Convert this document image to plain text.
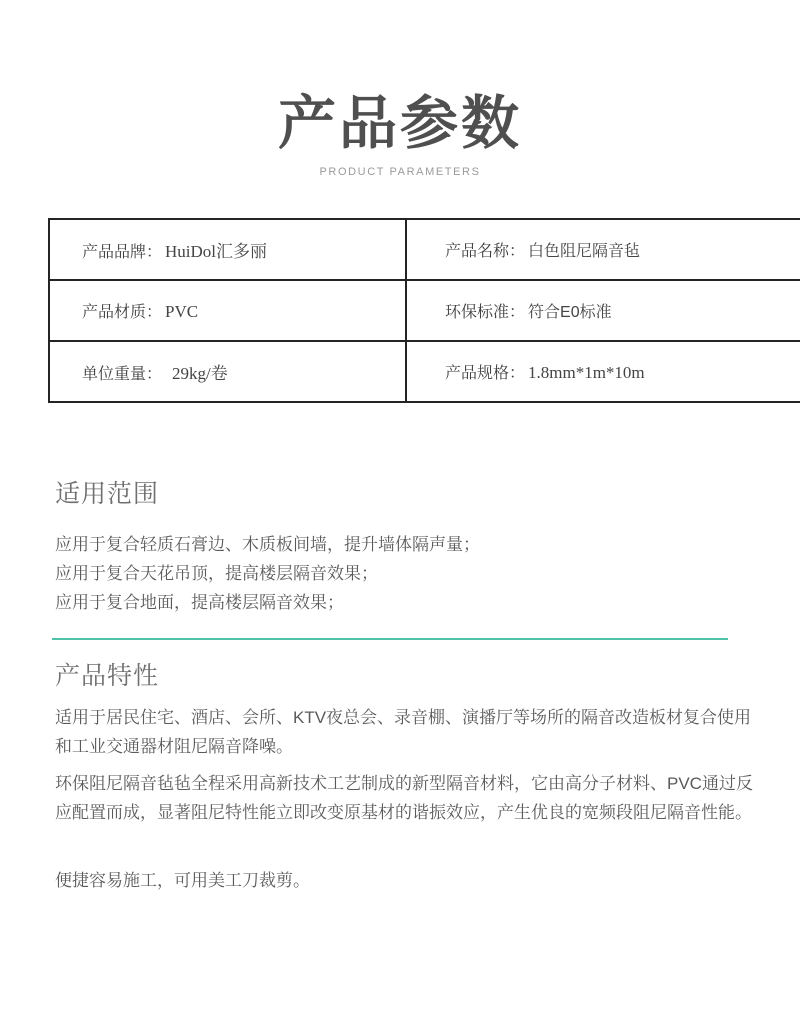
产品参数
PRODUCT PARAMETERS
产品品牌： HuiDol汇多丽	产品名称： 白色阻尼隔音毡
产品材质： PVC	环保标准： 符合E0标准
单位重量： 29kg/卷	产品规格： 1.8mm*1m*10m
适用范围
应用于复合轻质石膏边、木质板间墙，提升墙体隔声量；
应用于复合天花吊顶，提高楼层隔音效果；
应用于复合地面，提高楼层隔音效果；
产品特性
适用于居民住宅、酒店、会所、KTV夜总会、录音棚、演播厅等场所的隔音改造板材复合使用和工业交通器材阻尼隔音降噪。
环保阻尼隔音毡毡全程采用高新技术工艺制成的新型隔音材料，它由高分子材料、PVC通过反应配置而成，显著阻尼特性能立即改变原基材的谐振效应，产生优良的宽频段阻尼隔音性能。
便捷容易施工，可用美工刀裁剪。
